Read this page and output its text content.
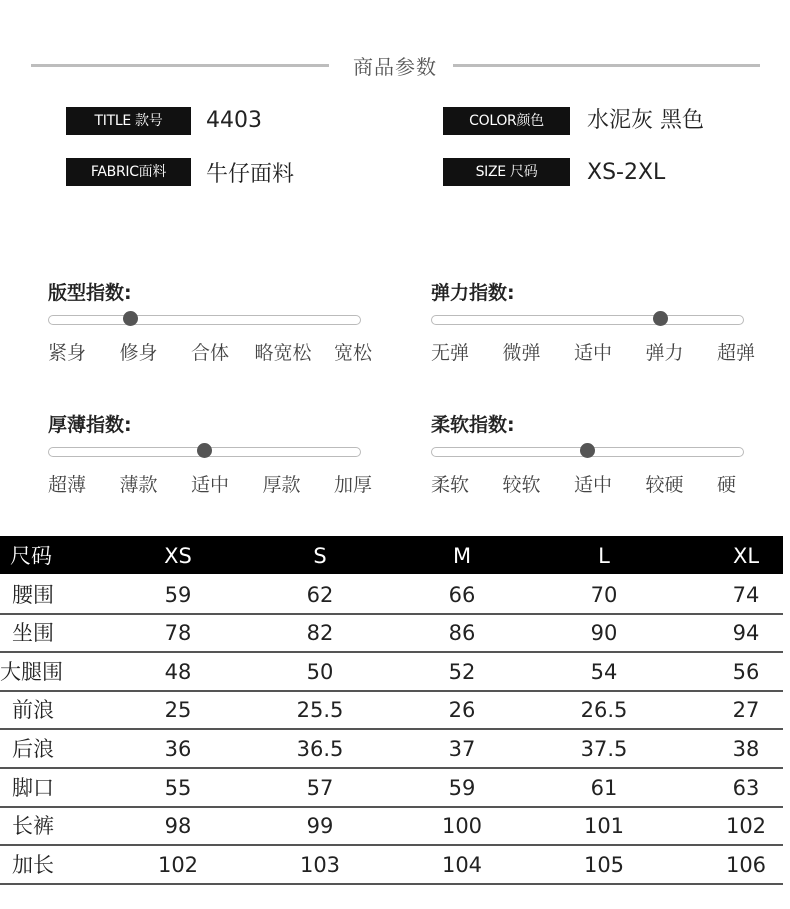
商品参数
TITLE 款号	4403	COLOR颜色	水泥灰 黑色
FABRIC面料	牛仔面料	SIZE 尺码	XS-2XL
版型指数:
紧身 修身 合体 略宽松 宽松
弹力指数:
无弹 微弹 适中 弹力 超弹
厚薄指数:
超薄 薄款 适中 厚款 加厚
柔软指数:
柔软 较软 适中 较硬 硬
尺码	XS	S	M	L	XL
腰围	59	62	66	70	74
坐围	78	82	86	90	94
大腿围	48	50	52	54	56
前浪	25	25.5	26	26.5	27
后浪	36	36.5	37	37.5	38
脚口	55	57	59	61	63
长裤	98	99	100	101	102
加长	102	103	104	105	106
